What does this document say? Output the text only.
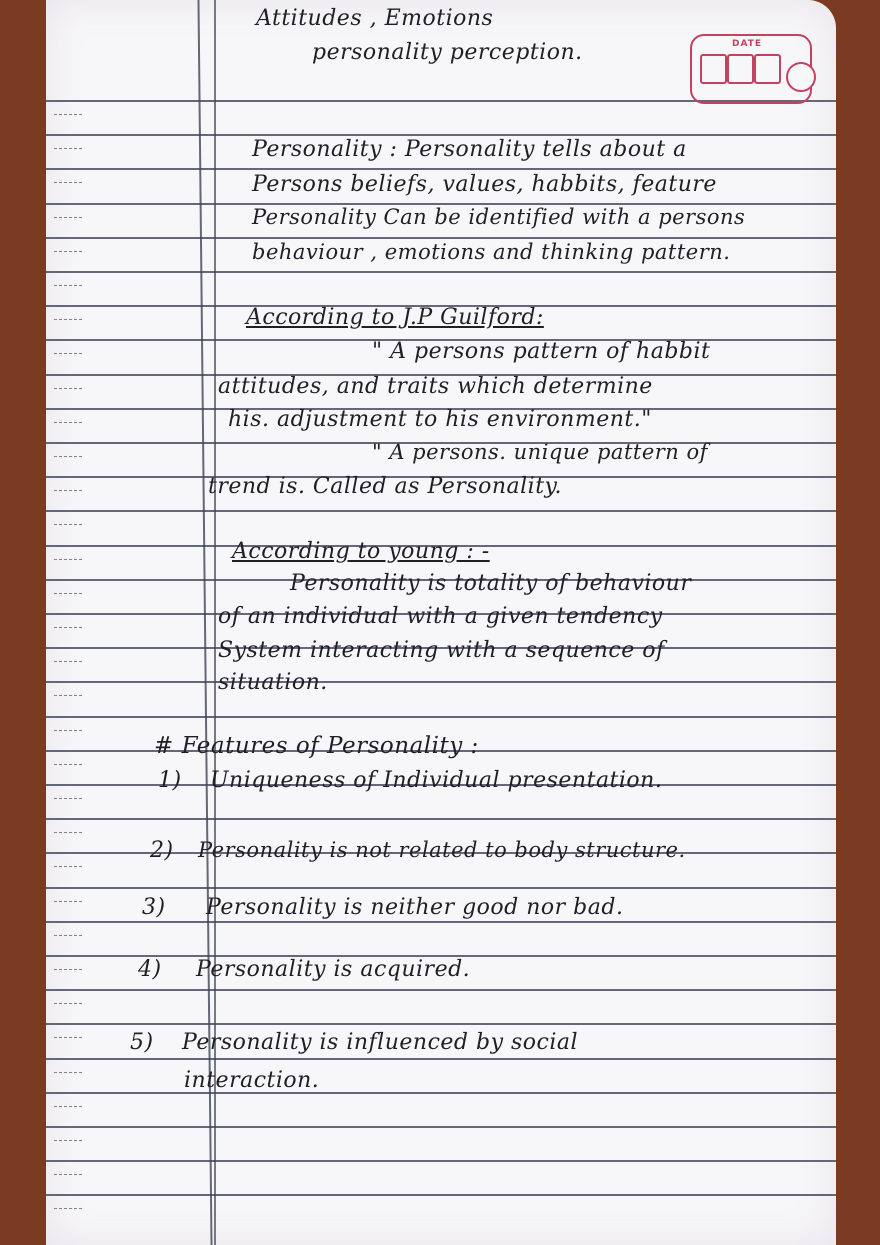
Attitudes , Emotions
personality perception.	DATE
Personality : Personality tells about a
Persons beliefs, values, habbits, feature
Personality Can be identified with a persons
behaviour , emotions and thinking pattern.
According to J.P Guilford:
" A persons pattern of habbit
attitudes, and traits which determine
his. adjustment to his environment."
" A persons. unique pattern of
trend is. Called as Personality.
According to young : -
Personality is totality of behaviour
of an individual with a given tendency
System interacting with a sequence of
situation.
# Features of Personality :
1) Uniqueness of Individual presentation.
2) Personality is not related to body structure.
3) Personality is neither good nor bad.
4) Personality is acquired.
5) Personality is influenced by social
interaction.
